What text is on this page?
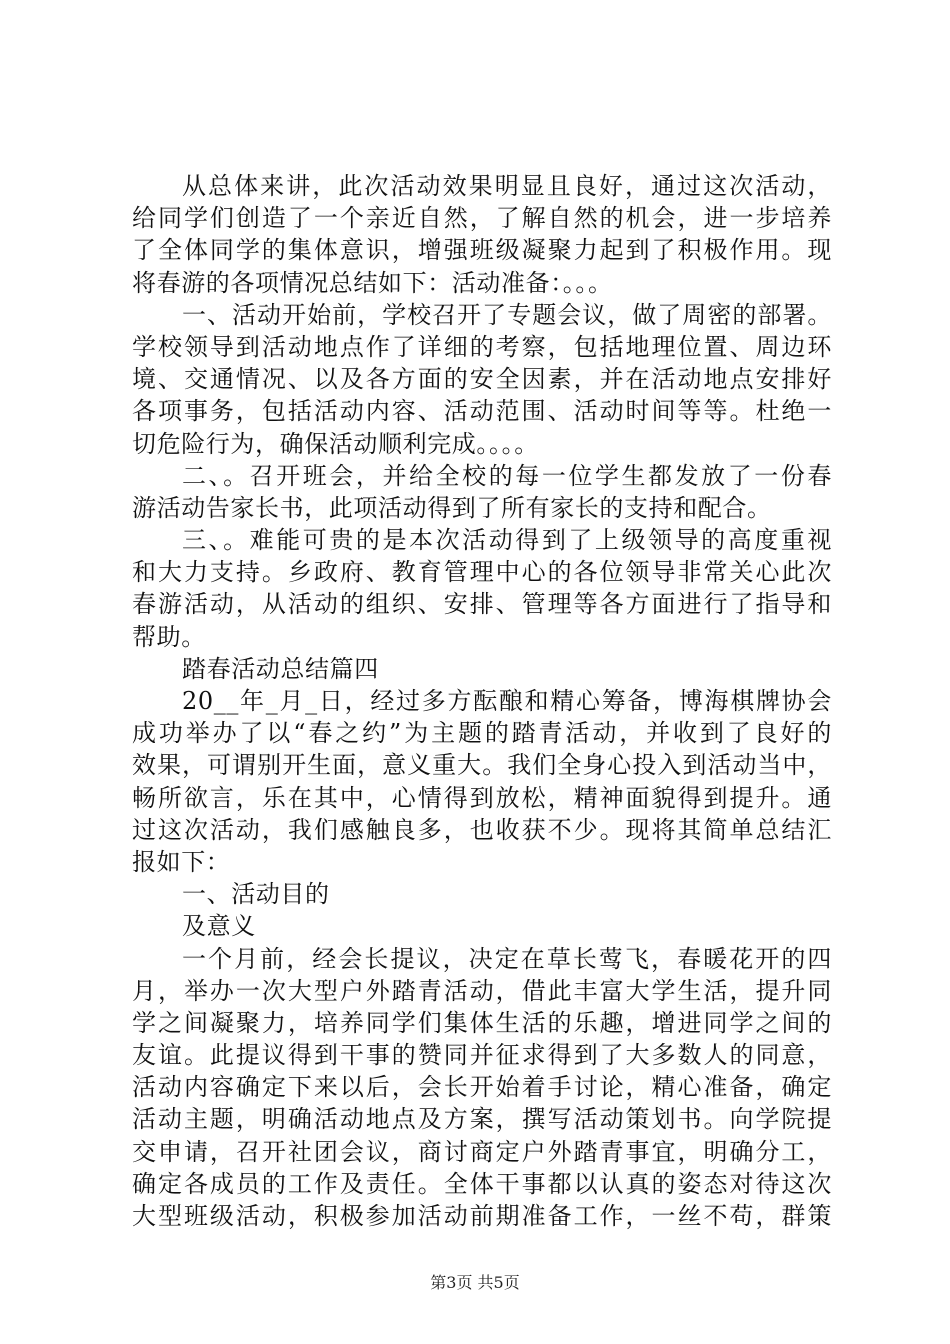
从总体来讲，此次活动效果明显且良好，通过这次活动，
给同学们创造了一个亲近自然，了解自然的机会，进一步培养
了全体同学的集体意识，增强班级凝聚力起到了积极作用。现
将春游的各项情况总结如下：活动准备：。。。
一、活动开始前，学校召开了专题会议，做了周密的部署。
学校领导到活动地点作了详细的考察，包括地理位置、周边环
境、交通情况、以及各方面的安全因素，并在活动地点安排好
各项事务，包括活动内容、活动范围、活动时间等等。杜绝一
切危险行为，确保活动顺利完成。。。。
二、。召开班会，并给全校的每一位学生都发放了一份春
游活动告家长书，此项活动得到了所有家长的支持和配合。
三、。难能可贵的是本次活动得到了上级领导的高度重视
和大力支持。乡政府、教育管理中心的各位领导非常关心此次
春游活动，从活动的组织、安排、管理等各方面进行了指导和
帮助。
踏春活动总结篇四
20__年_月_日，经过多方酝酿和精心筹备，博海棋牌协会
成功举办了以“春之约”为主题的踏青活动，并收到了良好的
效果，可谓别开生面，意义重大。我们全身心投入到活动当中，
畅所欲言，乐在其中，心情得到放松，精神面貌得到提升。通
过这次活动，我们感触良多，也收获不少。现将其简单总结汇
报如下：
一、活动目的
及意义
一个月前，经会长提议，决定在草长莺飞，春暖花开的四
月，举办一次大型户外踏青活动，借此丰富大学生活，提升同
学之间凝聚力，培养同学们集体生活的乐趣，增进同学之间的
友谊。此提议得到干事的赞同并征求得到了大多数人的同意，
活动内容确定下来以后，会长开始着手讨论，精心准备，确定
活动主题，明确活动地点及方案，撰写活动策划书。向学院提
交申请，召开社团会议，商讨商定户外踏青事宜，明确分工，
确定各成员的工作及责任。全体干事都以认真的姿态对待这次
大型班级活动，积极参加活动前期准备工作，一丝不苟，群策
第3页 共5页
